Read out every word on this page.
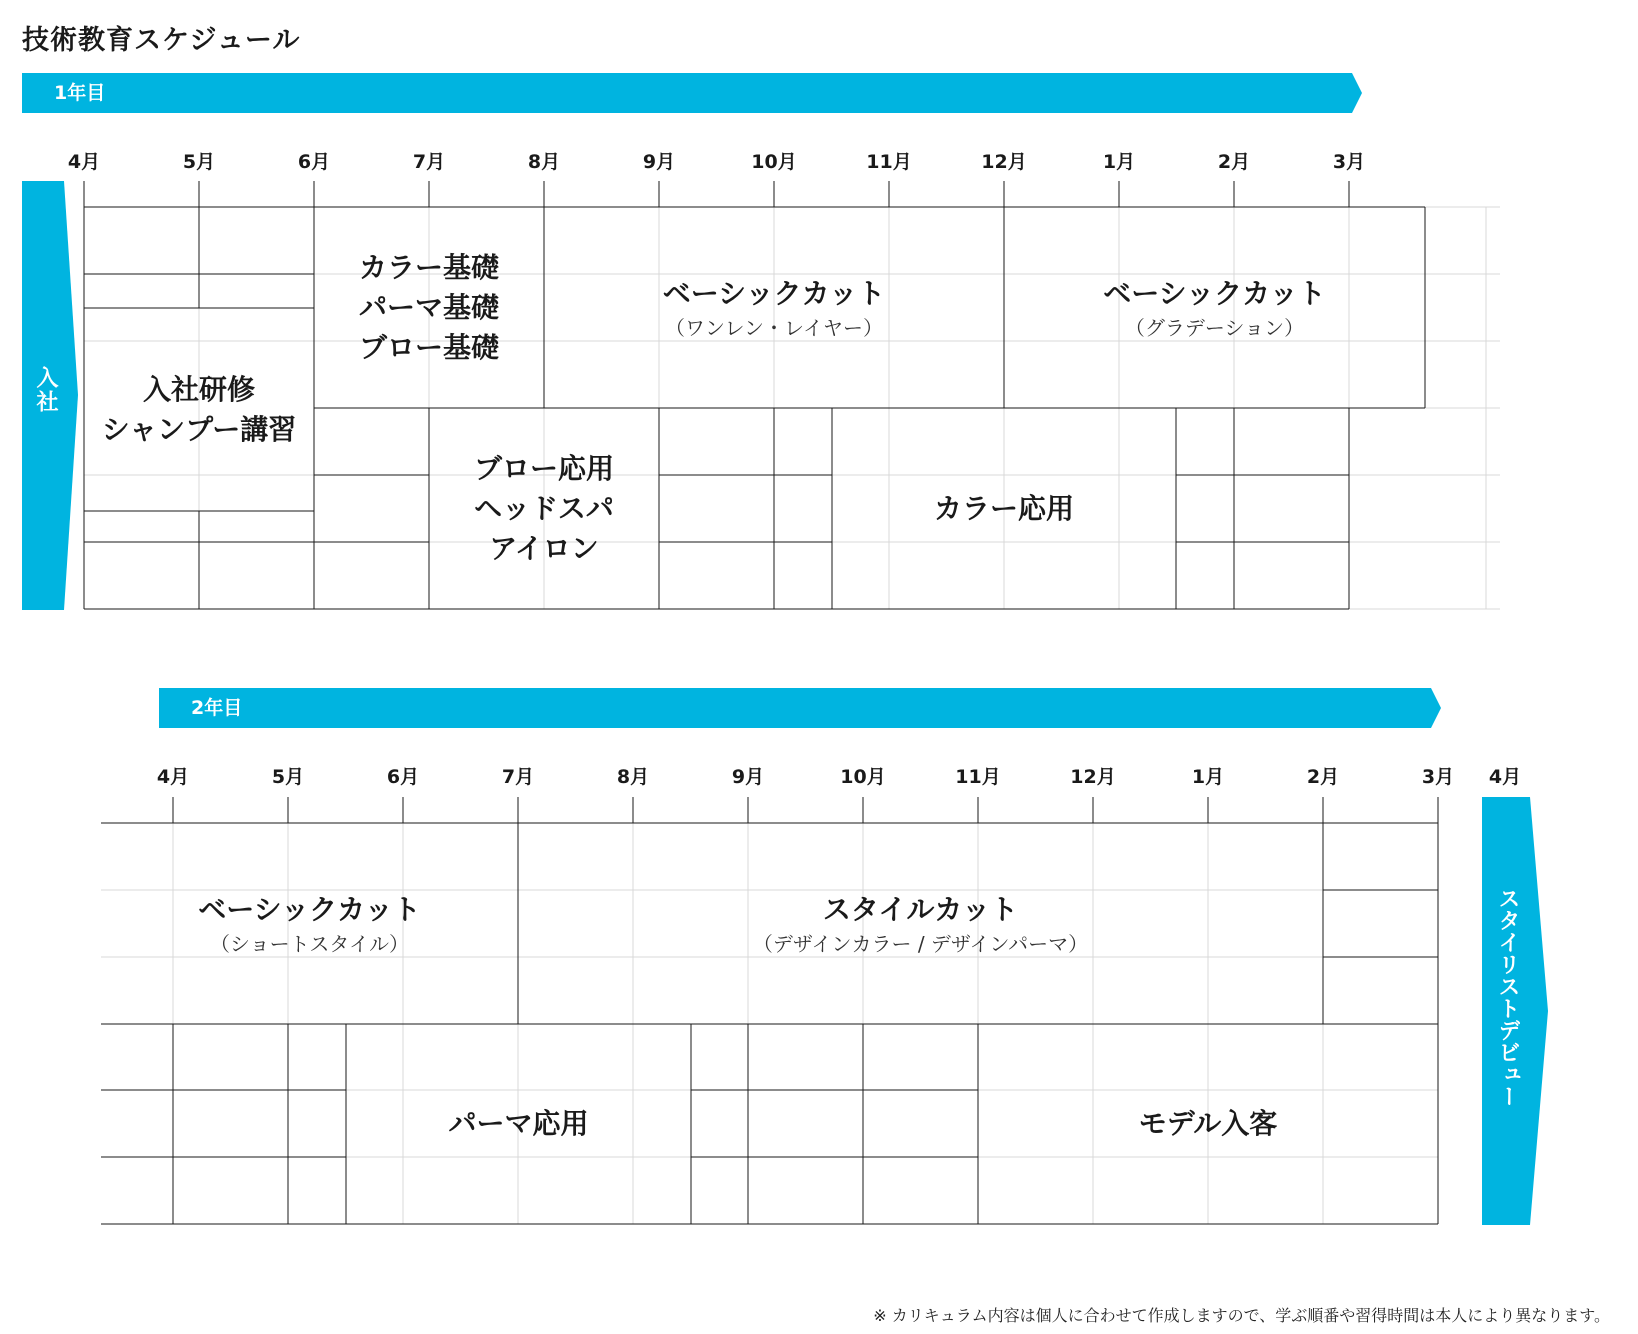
技術教育スケジュール
1年目
4月	5月	6月	7月	8月	9月	10月	11月	12月	1月	2月	3月
入社	入社研修
シャンプー講習
カラー基礎
パーマ基礎
ブロー基礎
ベーシックカット
（ワンレン・レイヤー）
ベーシックカット
（グラデーション）
ブロー応用
ヘッドスパ
アイロン
カラー応用
2年目
4月	5月	6月	7月	8月	9月	10月	11月	12月	1月	2月	3月 4月
スタイリストデビュー
ベーシックカット
（ショートスタイル）
スタイルカット
（デザインカラー / デザインパーマ）
パーマ応用	モデル入客
※ カリキュラム内容は個人に合わせて作成しますので、学ぶ順番や習得時間は本人により異なります。
